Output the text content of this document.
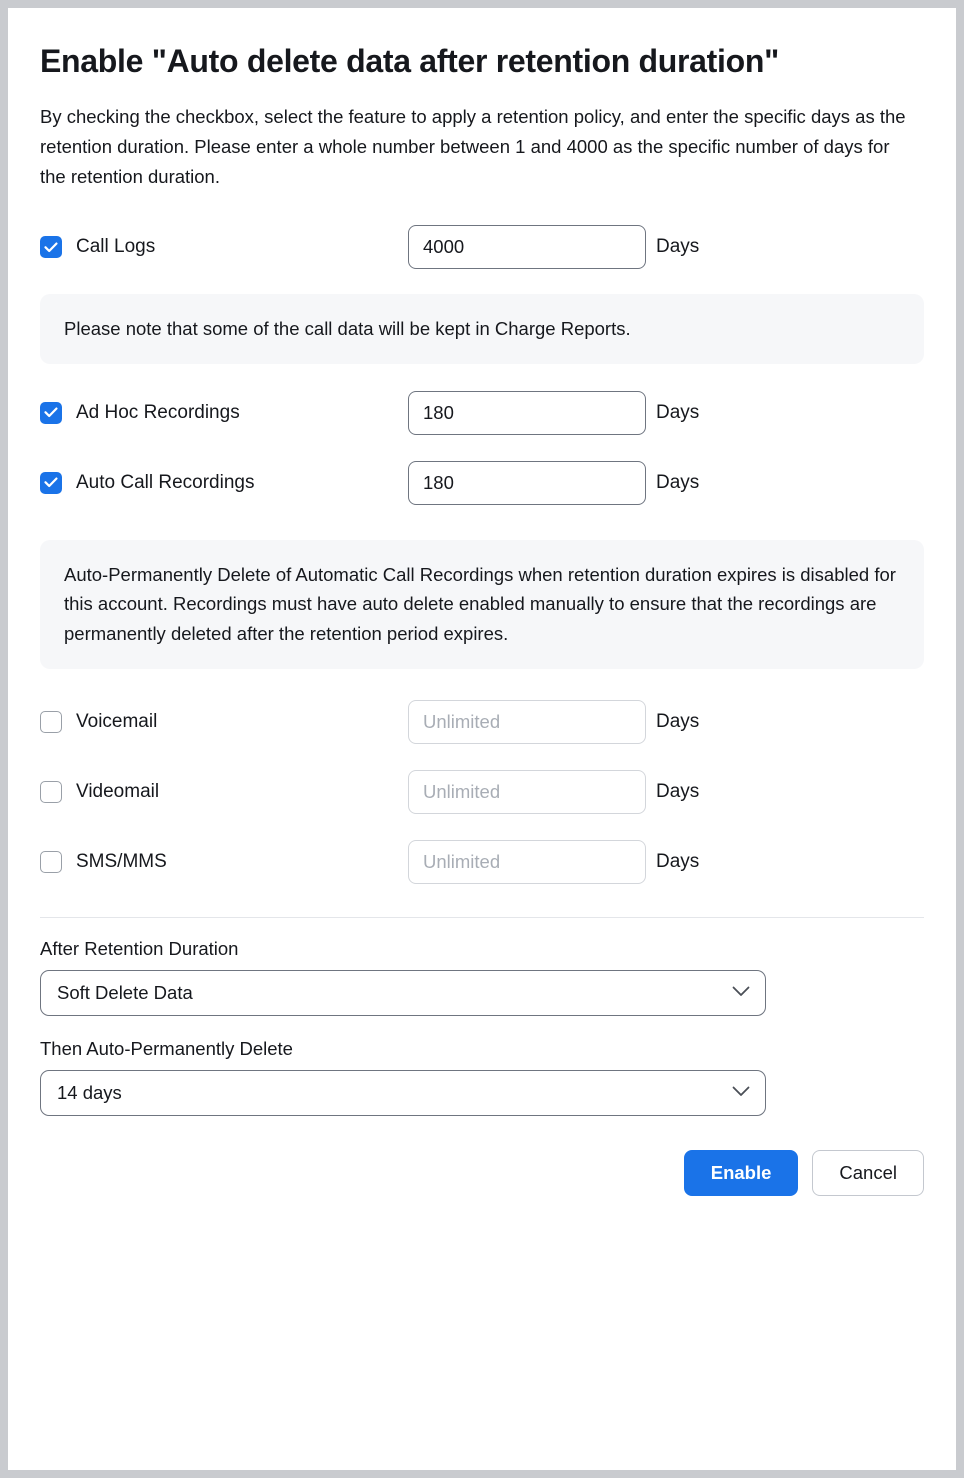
Enable "Auto delete data after retention duration"

By checking the checkbox, select the feature to apply a retention policy, and enter the specific days as the retention duration. Please enter a whole number between 1 and 4000 as the specific number of days for the retention duration.

Call Logs
4000	Days
Please note that some of the call data will be kept in Charge Reports.
Ad Hoc Recordings
180	Days
Auto Call Recordings
180	Days
Auto-Permanently Delete of Automatic Call Recordings when retention duration expires is disabled for this account. Recordings must have auto delete enabled manually to ensure that the recordings are permanently deleted after the retention period expires.
Voicemail
Unlimited	Days
Videomail
Unlimited	Days
SMS/MMS
Unlimited	Days
After Retention Duration
Soft Delete Data
Then Auto-Permanently Delete
14 days
Enable	Cancel
